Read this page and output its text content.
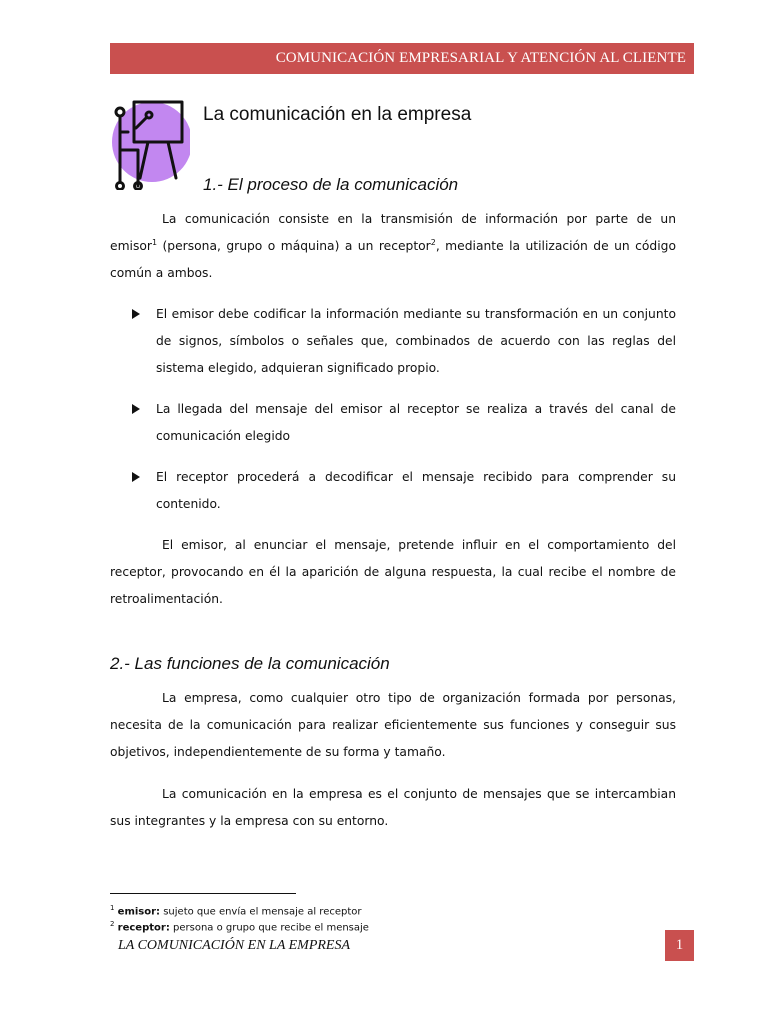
COMUNICACIÓN EMPRESARIAL Y ATENCIÓN AL CLIENTE
La comunicación en la empresa
1.- El proceso de la comunicación

La comunicación consiste en la transmisión de información por parte de un emisor$^1$ (persona, grupo o máquina) a un receptor$^2$, mediante la utilización de un código común a ambos.

El emisor debe codificar la información mediante su transformación en un conjunto de signos, símbolos o señales que, combinados de acuerdo con las reglas del sistema elegido, adquieran significado propio.
La llegada del mensaje del emisor al receptor se realiza a través del canal de comunicación elegido
El receptor procederá a decodificar el mensaje recibido para comprender su contenido.

El emisor, al enunciar el mensaje, pretende influir en el comportamiento del receptor, provocando en él la aparición de alguna respuesta, la cual recibe el nombre de retroalimentación.

2.- Las funciones de la comunicación

La empresa, como cualquier otro tipo de organización formada por personas, necesita de la comunicación para realizar eficientemente sus funciones y conseguir sus objetivos, independientemente de su forma y tamaño.

La comunicación en la empresa es el conjunto de mensajes que se intercambian sus integrantes y la empresa con su entorno.

$^1$ emisor: sujeto que envía el mensaje al receptor
$^2$ receptor: persona o grupo que recibe el mensaje
LA COMUNICACIÓN EN LA EMPRESA	1
